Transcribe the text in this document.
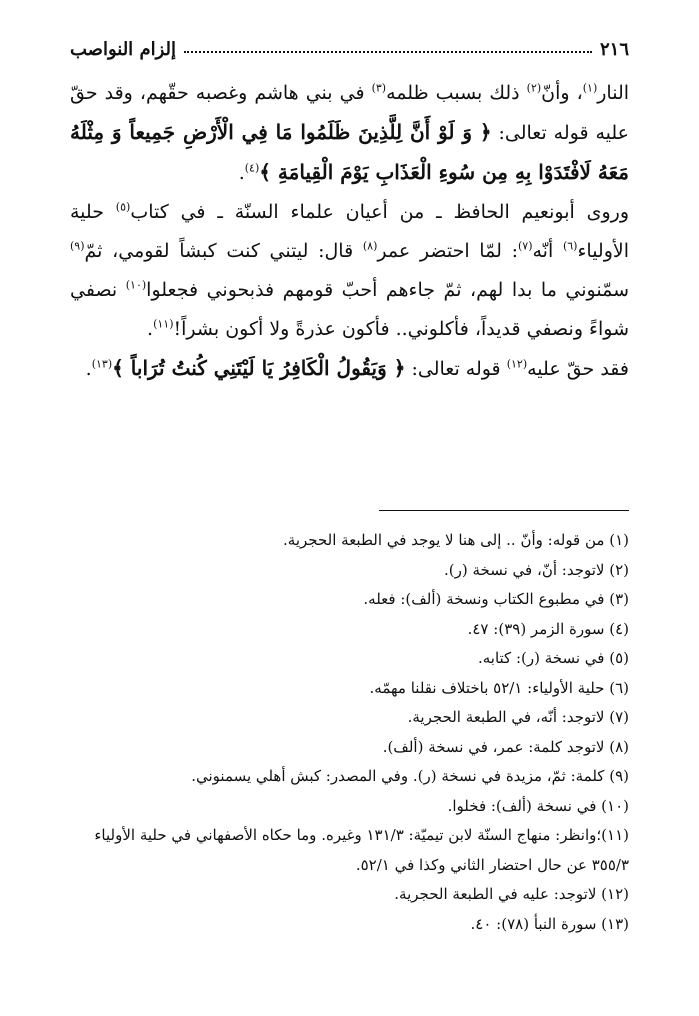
٢١٦
إلزام النواصب

النار$^{(١)}$، وأنّ$^{(٢)}$ ذلك بسبب ظلمه$^{(٣)}$ في بني هاشم وغصبه حقّهم، وقد حقّ عليه قوله تعالى: ﴿ وَ لَوْ أَنَّ لِلَّذِينَ ظَلَمُوا مَا فِي الْأَرْضِ جَمِيعاً وَ مِثْلَهُ مَعَهُ لَافْتَدَوْا بِهِ مِن سُوءِ الْعَذَابِ يَوْمَ الْقِيامَةِ ﴾$^{(٤)}$.

وروى أبونعيم الحافظ ـ من أعيان علماء السنّة ـ في كتاب$^{(٥)}$ حلية الأولياء$^{(٦)}$ أنّه$^{(٧)}$: لمّا احتضر عمر$^{(٨)}$ قال: ليتني كنت كبشاً لقومي، ثمّ$^{(٩)}$ سمّنوني ما بدا لهم، ثمّ جاءهم أحبّ قومهم فذبحوني فجعلوا$^{(١٠)}$ نصفي شواءً ونصفي قديداً، فأكلوني.. فأكون عذرةً ولا أكون بشراً!$^{(١١)}$.

فقد حقّ عليه$^{(١٢)}$ قوله تعالى: ﴿ وَيَقُولُ الْكَافِرُ يَا لَيْتَنِي كُنتُ تُرَاباً ﴾$^{(١٣)}$.

(١) من قوله: وأنّ .. إلى هنا لا يوجد في الطبعة الحجرية.
(٢) لاتوجد: أنّ، في نسخة (ر).
(٣) في مطبوع الكتاب ونسخة (ألف): فعله.
(٤) سورة الزمر (٣٩): ٤٧.
(٥) في نسخة (ر): كتابه.
(٦) حلية الأولياء: ٥٢/١ باختلاف نقلنا مهمّه.
(٧) لاتوجد: أنّه، في الطبعة الحجرية.
(٨) لاتوجد كلمة: عمر، في نسخة (ألف).
(٩) كلمة: ثمّ، مزيدة في نسخة (ر). وفي المصدر: كبش أهلي يسمنوني.
(١٠) في نسخة (ألف): فخلوا.
(١١)؛وانظر: منهاج السنّة لابن تيميّة: ١٣١/٣ وغيره. وما حكاه الأصفهاني في حلية الأولياء ٣٥٥/٣ عن حال احتضار الثاني وكذا في ٥٢/١.
(١٢) لاتوجد: عليه في الطبعة الحجرية.
(١٣) سورة النبأ (٧٨): ٤٠.
